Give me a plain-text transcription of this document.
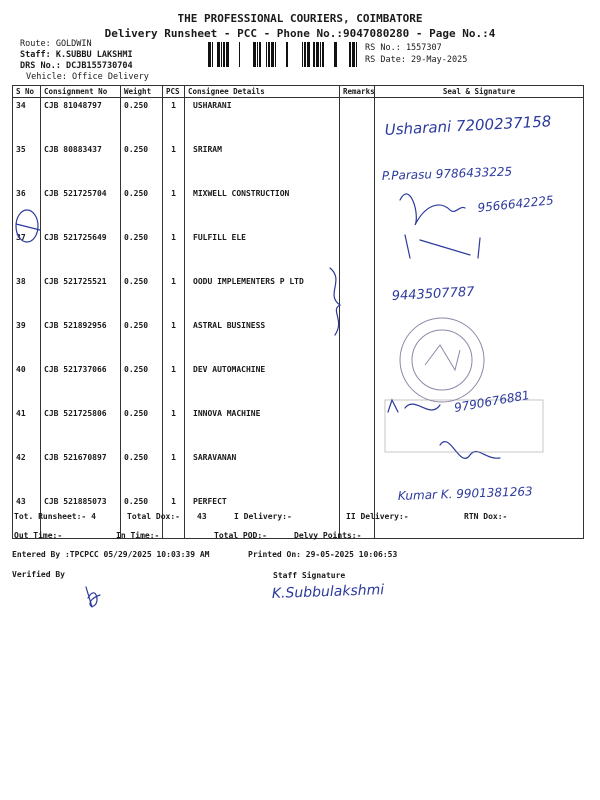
THE PROFESSIONAL COURIERS, COIMBATORE
Delivery Runsheet - PCC - Phone No.:9047080280 - Page No.:4
Route: GOLDWIN
Staff: K.SUBBU LAKSHMI
DRS No.: DCJB155730704
Vehicle: Office Delivery
RS No.: 1557307
RS Date: 29-May-2025
S No	Consignment No	Weight	PCS	Consignee Details	Remarks	Seal & Signature
34	CJB 81048797	0.250	1	USHARANI		
35	CJB 80883437	0.250	1	SRIRAM		
36	CJB 521725704	0.250	1	MIXWELL CONSTRUCTION		
37	CJB 521725649	0.250	1	FULFILL ELE		
38	CJB 521725521	0.250	1	OODU IMPLEMENTERS P LTD		
39	CJB 521892956	0.250	1	ASTRAL BUSINESS		
40	CJB 521737066	0.250	1	DEV AUTOMACHINE		
41	CJB 521725806	0.250	1	INNOVA MACHINE		
42	CJB 521670897	0.250	1	SARAVANAN		
43	CJB 521885073	0.250	1	PERFECT		
Usharani 7200237158
P.Parasu 9786433225
9566642225
9443507787
9790676881
Kumar K. 9901381263
K.Subbulakshmi
Tot. Runsheet:- 4	Total Dox:- 43	I Delivery:-	II Delivery:-	RTN Dox:-
Out Time:-	In Time:-	Total POD:-	Delvy Points:-
Entered By :TPCPCC 05/29/2025 10:03:39 AM	Printed On: 29-05-2025 10:06:53
Verified By	Staff Signature
